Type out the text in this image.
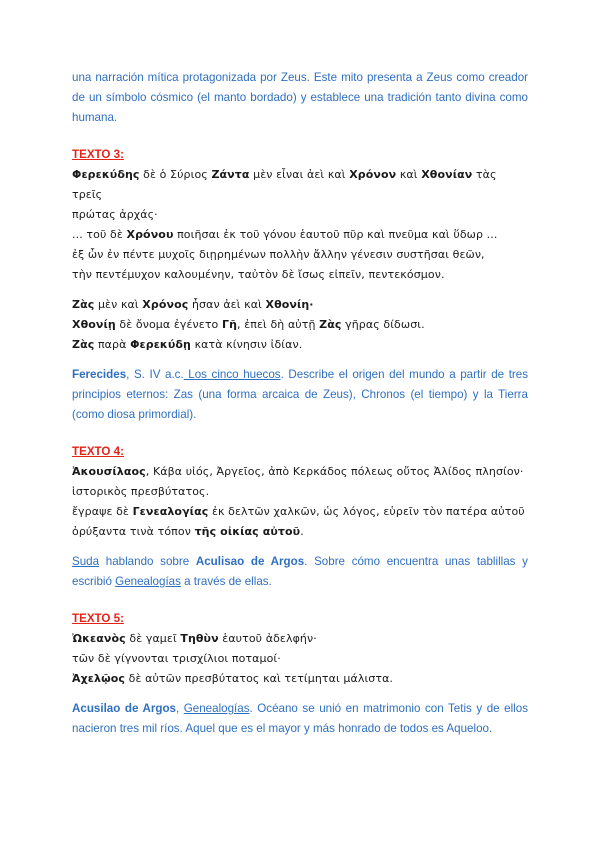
una narración mítica protagonizada por Zeus. Este mito presenta a Zeus como creador de un símbolo cósmico (el manto bordado) y establece una tradición tanto divina como humana.

TEXTO 3:

Φερεκύδης δὲ ὁ Σύριος Ζάντα μὲν εἶναι ἀεὶ καὶ Χρόνον καὶ Χθονίαν τὰς τρεῖς

πρώτας ἀρχάς·

... τοῦ δὲ Χρόνου ποιῆσαι ἐκ τοῦ γόνου ἑαυτοῦ πῦρ καὶ πνεῦμα καὶ ὕδωρ ...

ἐξ ὧν ἐν πέντε μυχοῖς διῃρημένων πολλὴν ἄλλην γένεσιν συστῆσαι θεῶν,

τὴν πεντέμυχον καλουμένην, ταὐτὸν δὲ ἴσως εἰπεῖν, πεντεκόσμον.

Ζὰς μὲν καὶ Χρόνος ἦσαν ἀεὶ καὶ Χθονίη·

Χθονίῃ δὲ ὄνομα ἐγένετο Γῆ, ἐπεὶ δὴ αὐτῇ Ζὰς γῆρας δίδωσι.

Ζὰς παρὰ Φερεκύδῃ κατὰ κίνησιν ἰδίαν.

Ferecides, S. IV a.c. Los cinco huecos. Describe el origen del mundo a partir de tres principios eternos: Zas (una forma arcaica de Zeus), Chronos (el tiempo) y la Tierra (como diosa primordial).

TEXTO 4:

Ἀκουσίλαος, Κάβα υἱός, Ἀργεῖος, ἀπὸ Κερκάδος πόλεως οὔτος Ἀλίδος πλησίον·

ἱστορικὸς πρεσβύτατος.

ἔγραψε δὲ Γενεαλογίας ἐκ δελτῶν χαλκῶν, ὡς λόγος, εὑρεῖν τὸν πατέρα αὐτοῦ

ὀρύξαντα τινὰ τόπον τῆς οἰκίας αὐτοῦ.

Suda hablando sobre Aculisao de Argos. Sobre cómo encuentra unas tablillas y escribió Genealogías a través de ellas.

TEXTO 5:

Ὠκεανὸς δὲ γαμεῖ Τηθὺν ἑαυτοῦ ἀδελφήν·

τῶν δὲ γίγνονται τρισχίλιοι ποταμοί·

Ἀχελῷος δὲ αὐτῶν πρεσβύτατος καὶ τετίμηται μάλιστα.

Acusilao de Argos, Genealogías. Océano se unió en matrimonio con Tetis y de ellos nacieron tres mil ríos. Aquel que es el mayor y más honrado de todos es Aqueloo.
